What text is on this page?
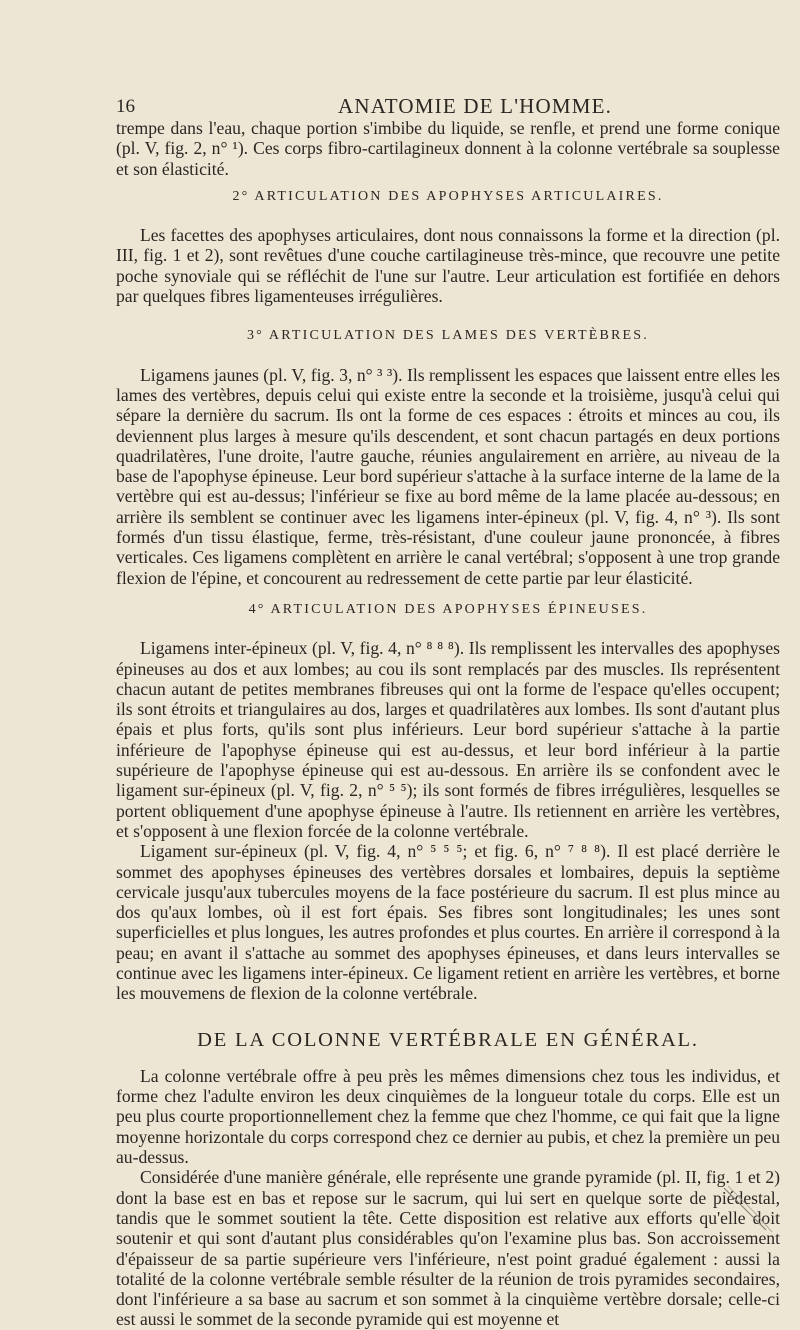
16	ANATOMIE DE L'HOMME.

trempe dans l'eau, chaque portion s'imbibe du liquide, se renfle, et prend une forme conique (pl. V, fig. 2, n° ¹). Ces corps fibro-cartilagineux donnent à la colonne vertébrale sa souplesse et son élasticité.

2° ARTICULATION DES APOPHYSES ARTICULAIRES.

Les facettes des apophyses articulaires, dont nous connaissons la forme et la direction (pl. III, fig. 1 et 2), sont revêtues d'une couche cartilagineuse très-mince, que recouvre une petite poche synoviale qui se réfléchit de l'une sur l'autre. Leur articulation est fortifiée en dehors par quelques fibres ligamenteuses irrégulières.

3° ARTICULATION DES LAMES DES VERTÈBRES.

Ligamens jaunes (pl. V, fig. 3, n° ³ ³). Ils remplissent les espaces que laissent entre elles les lames des vertèbres, depuis celui qui existe entre la seconde et la troisième, jusqu'à celui qui sépare la dernière du sacrum. Ils ont la forme de ces espaces : étroits et minces au cou, ils deviennent plus larges à mesure qu'ils descendent, et sont chacun partagés en deux portions quadrilatères, l'une droite, l'autre gauche, réunies angulairement en arrière, au niveau de la base de l'apophyse épineuse. Leur bord supérieur s'attache à la surface interne de la lame de la vertèbre qui est au-dessus; l'inférieur se fixe au bord même de la lame placée au-dessous; en arrière ils semblent se continuer avec les ligamens inter-épineux (pl. V, fig. 4, n° ³). Ils sont formés d'un tissu élastique, ferme, très-résistant, d'une couleur jaune prononcée, à fibres verticales. Ces ligamens complètent en arrière le canal vertébral; s'opposent à une trop grande flexion de l'épine, et concourent au redressement de cette partie par leur élasticité.

4° ARTICULATION DES APOPHYSES ÉPINEUSES.

Ligamens inter-épineux (pl. V, fig. 4, n° ⁸ ⁸ ⁸). Ils remplissent les intervalles des apophyses épineuses au dos et aux lombes; au cou ils sont remplacés par des muscles. Ils représentent chacun autant de petites membranes fibreuses qui ont la forme de l'espace qu'elles occupent; ils sont étroits et triangulaires au dos, larges et quadrilatères aux lombes. Ils sont d'autant plus épais et plus forts, qu'ils sont plus inférieurs. Leur bord supérieur s'attache à la partie inférieure de l'apophyse épineuse qui est au-dessus, et leur bord inférieur à la partie supérieure de l'apophyse épineuse qui est au-dessous. En arrière ils se confondent avec le ligament sur-épineux (pl. V, fig. 2, n° ⁵ ⁵); ils sont formés de fibres irrégulières, lesquelles se portent obliquement d'une apophyse épineuse à l'autre. Ils retiennent en arrière les vertèbres, et s'opposent à une flexion forcée de la colonne vertébrale.

Ligament sur-épineux (pl. V, fig. 4, n° ⁵ ⁵ ⁵; et fig. 6, n° ⁷ ⁸ ⁸). Il est placé derrière le sommet des apophyses épineuses des vertèbres dorsales et lombaires, depuis la septième cervicale jusqu'aux tubercules moyens de la face postérieure du sacrum. Il est plus mince au dos qu'aux lombes, où il est fort épais. Ses fibres sont longitudinales; les unes sont superficielles et plus longues, les autres profondes et plus courtes. En arrière il correspond à la peau; en avant il s'attache au sommet des apophyses épineuses, et dans leurs intervalles se continue avec les ligamens inter-épineux. Ce ligament retient en arrière les vertèbres, et borne les mouvemens de flexion de la colonne vertébrale.

DE LA COLONNE VERTÉBRALE EN GÉNÉRAL.

La colonne vertébrale offre à peu près les mêmes dimensions chez tous les individus, et forme chez l'adulte environ les deux cinquièmes de la longueur totale du corps. Elle est un peu plus courte proportionnellement chez la femme que chez l'homme, ce qui fait que la ligne moyenne horizontale du corps correspond chez ce dernier au pubis, et chez la première un peu au-dessus.

Considérée d'une manière générale, elle représente une grande pyramide (pl. II, fig. 1 et 2) dont la base est en bas et repose sur le sacrum, qui lui sert en quelque sorte de piédestal, tandis que le sommet soutient la tête. Cette disposition est relative aux efforts qu'elle doit soutenir et qui sont d'autant plus considérables qu'on l'examine plus bas. Son accroissement d'épaisseur de sa partie supérieure vers l'inférieure, n'est point gradué également : aussi la totalité de la colonne vertébrale semble résulter de la réunion de trois pyramides secondaires, dont l'inférieure a sa base au sacrum et son sommet à la cinquième vertèbre dorsale; celle-ci est aussi le sommet de la seconde pyramide qui est moyenne et
